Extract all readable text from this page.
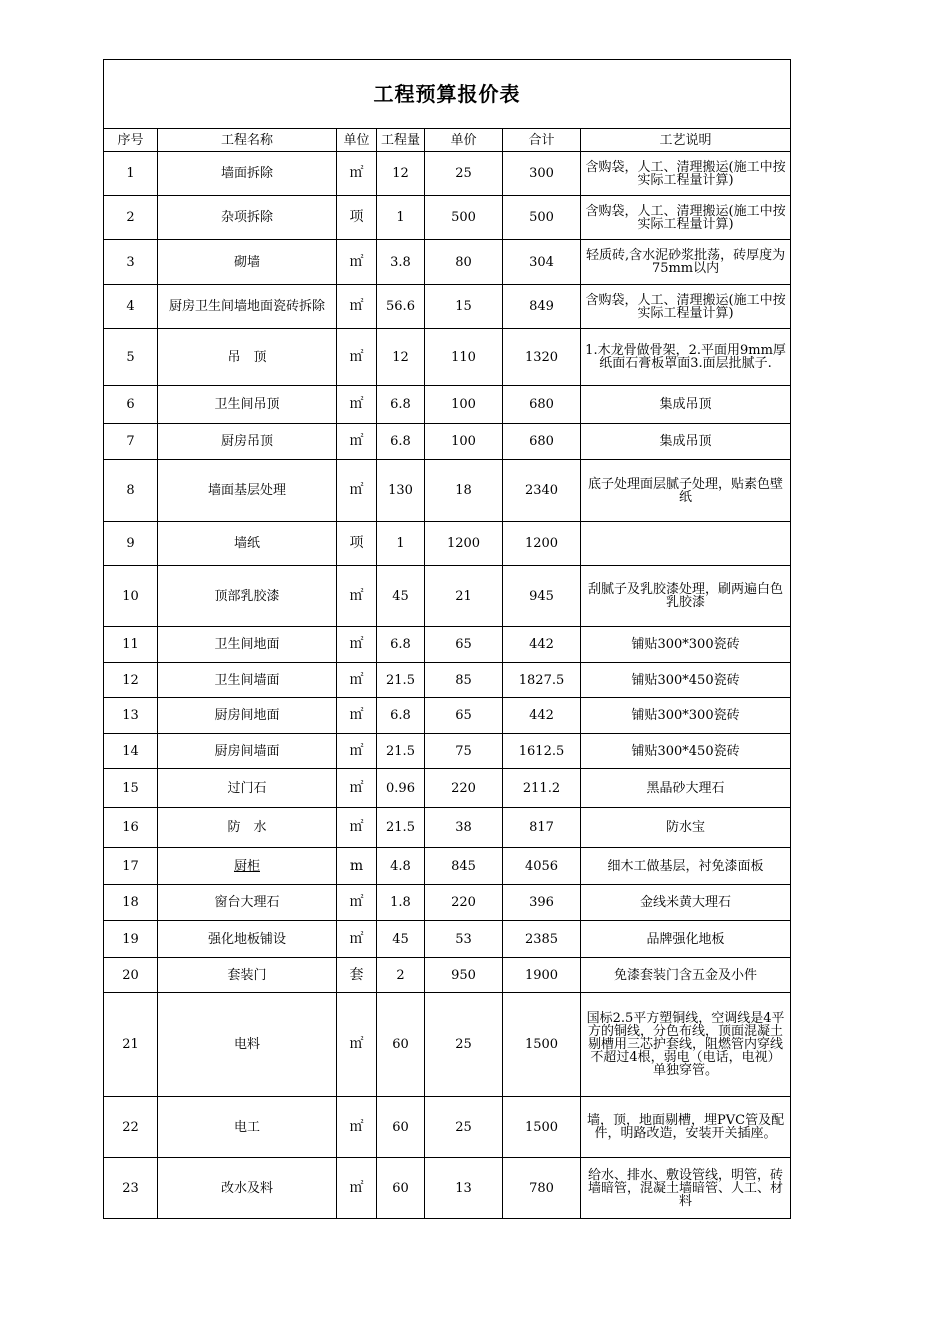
工程预算报价表						
序号	工程名称	单位	工程量	单价	合计	工艺说明
1	墙面拆除	㎡	12	25	300	含购袋，人工、清理搬运(施工中按实际工程量计算)
2	杂项拆除	项	1	500	500	含购袋，人工、清理搬运(施工中按实际工程量计算)
3	砌墙	㎡	3.8	80	304	轻质砖,含水泥砂浆批荡，砖厚度为75mm以内
4	厨房卫生间墙地面瓷砖拆除	㎡	56.6	15	849	含购袋，人工、清理搬运(施工中按实际工程量计算)
5	吊　顶	㎡	12	110	1320	1.木龙骨做骨架，2.平面用9mm厚纸面石膏板罩面3.面层批腻子.
6	卫生间吊顶	㎡	6.8	100	680	集成吊顶
7	厨房吊顶	㎡	6.8	100	680	集成吊顶
8	墙面基层处理	㎡	130	18	2340	底子处理面层腻子处理，贴素色壁纸
9	墙纸	项	1	1200	1200	
10	顶部乳胶漆	㎡	45	21	945	刮腻子及乳胶漆处理，刷两遍白色乳胶漆
11	卫生间地面	㎡	6.8	65	442	铺贴300*300瓷砖
12	卫生间墙面	㎡	21.5	85	1827.5	铺贴300*450瓷砖
13	厨房间地面	㎡	6.8	65	442	铺贴300*300瓷砖
14	厨房间墙面	㎡	21.5	75	1612.5	铺贴300*450瓷砖
15	过门石	㎡	0.96	220	211.2	黑晶砂大理石
16	防　水	㎡	21.5	38	817	防水宝
17	厨柜	m	4.8	845	4056	细木工做基层，衬免漆面板
18	窗台大理石	㎡	1.8	220	396	金线米黄大理石
19	强化地板铺设	㎡	45	53	2385	品牌强化地板
20	套装门	套	2	950	1900	免漆套装门含五金及小件
21	电料	㎡	60	25	1500	国标2.5平方塑铜线，空调线是4平方的铜线，分色布线，顶面混凝土剔槽用三芯护套线，阻燃管内穿线不超过4根，弱电（电话，电视）单独穿管。
22	电工	㎡	60	25	1500	墙，顶，地面剔槽，埋PVC管及配件，明路改造，安装开关插座。
23	改水及料	㎡	60	13	780	给水、排水、敷设管线，明管，砖墙暗管，混凝土墙暗管、人工、材料
